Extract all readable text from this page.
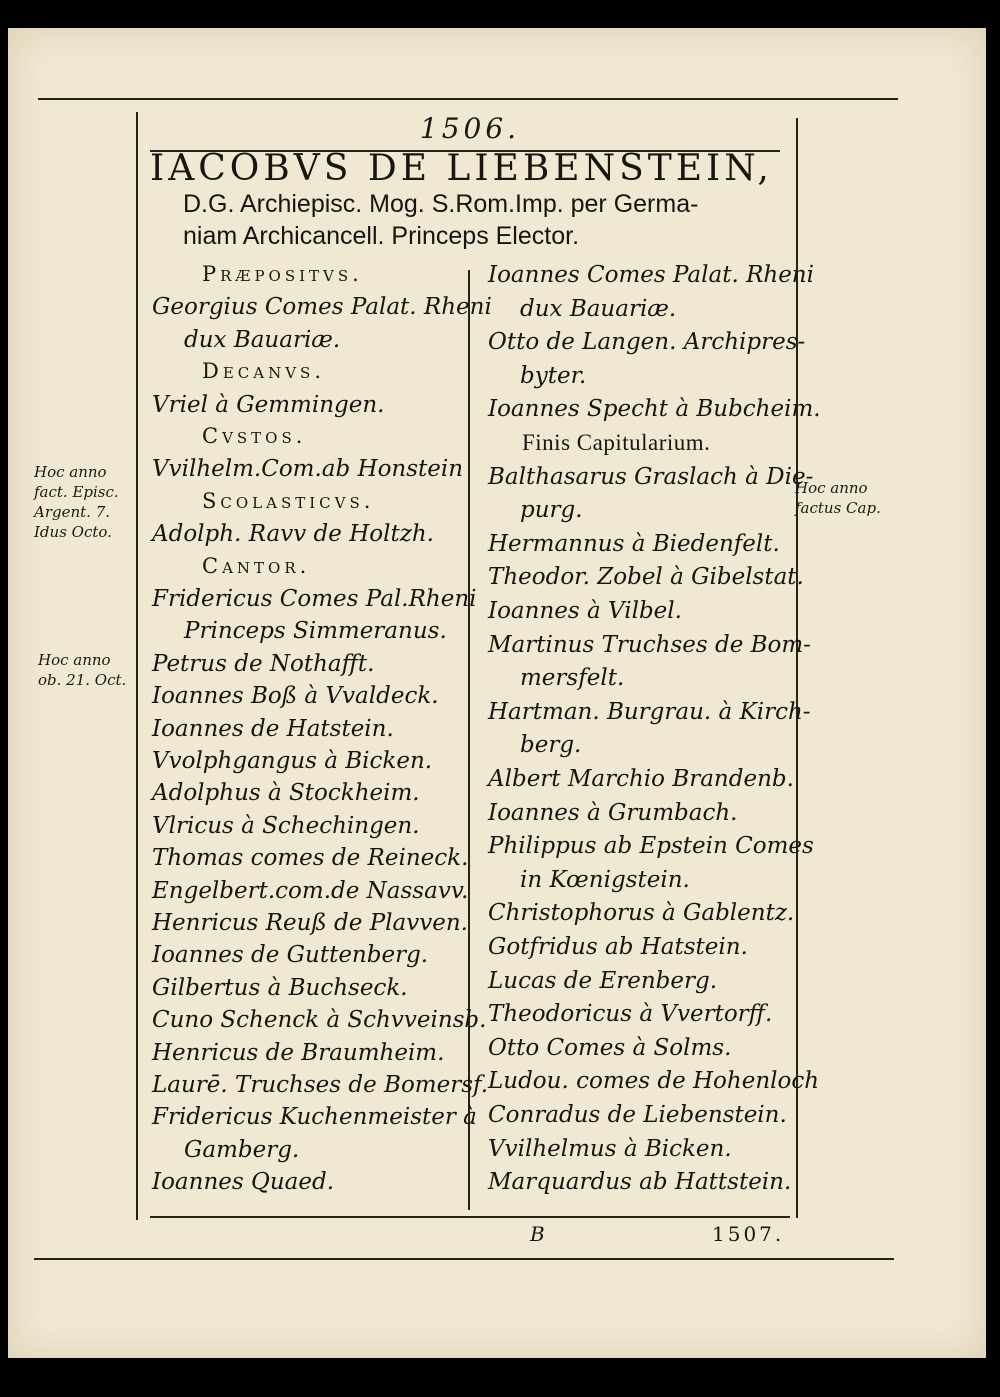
1506.
IACOBVS DE LIEBENSTEIN,
D.G. Archiepisc. Mog. S.Rom.Imp. per Germa-
niam Archicancell. Princeps Elector.
Præpositvs.
Georgius Comes Palat. Rheni
dux Bauariæ.
Decanvs.
Vriel à Gemmingen.
Cvstos.
Vvilhelm.Com.ab Honstein
Scolasticvs.
Adolph. Ravv de Holtzh.
Cantor.
Fridericus Comes Pal.Rheni
Princeps Simmeranus.
Petrus de Nothafft.
Ioannes Boß à Vvaldeck.
Ioannes de Hatstein.
Vvolphgangus à Bicken.
Adolphus à Stockheim.
Vlricus à Schechingen.
Thomas comes de Reineck.
Engelbert.com.de Nassavv.
Henricus Reuß de Plavven.
Ioannes de Guttenberg.
Gilbertus à Buchseck.
Cuno Schenck à Schvveinsb.
Henricus de Braumheim.
Laurē. Truchses de Bomersf.
Fridericus Kuchenmeister à
Gamberg.
Ioannes Quaed.
Ioannes Comes Palat. Rheni
dux Bauariæ.
Otto de Langen. Archipres-
byter.
Ioannes Specht à Bubcheim.
Finis Capitularium.
Balthasarus Graslach à Die-
purg.
Hermannus à Biedenfelt.
Theodor. Zobel à Gibelstat.
Ioannes à Vilbel.
Martinus Truchses de Bom-
mersfelt.
Hartman. Burgrau. à Kirch-
berg.
Albert Marchio Brandenb.
Ioannes à Grumbach.
Philippus ab Epstein Comes
in Kœnigstein.
Christophorus à Gablentz.
Gotfridus ab Hatstein.
Lucas de Erenberg.
Theodoricus à Vvertorff.
Otto Comes à Solms.
Ludou. comes de Hohenloch
Conradus de Liebenstein.
Vvilhelmus à Bicken.
Marquardus ab Hattstein.
Hoc anno
fact. Episc.
Argent. 7.
Idus Octo.
Hoc anno
ob. 21. Oct.
Hoc anno
factus Cap.
B	1507.
